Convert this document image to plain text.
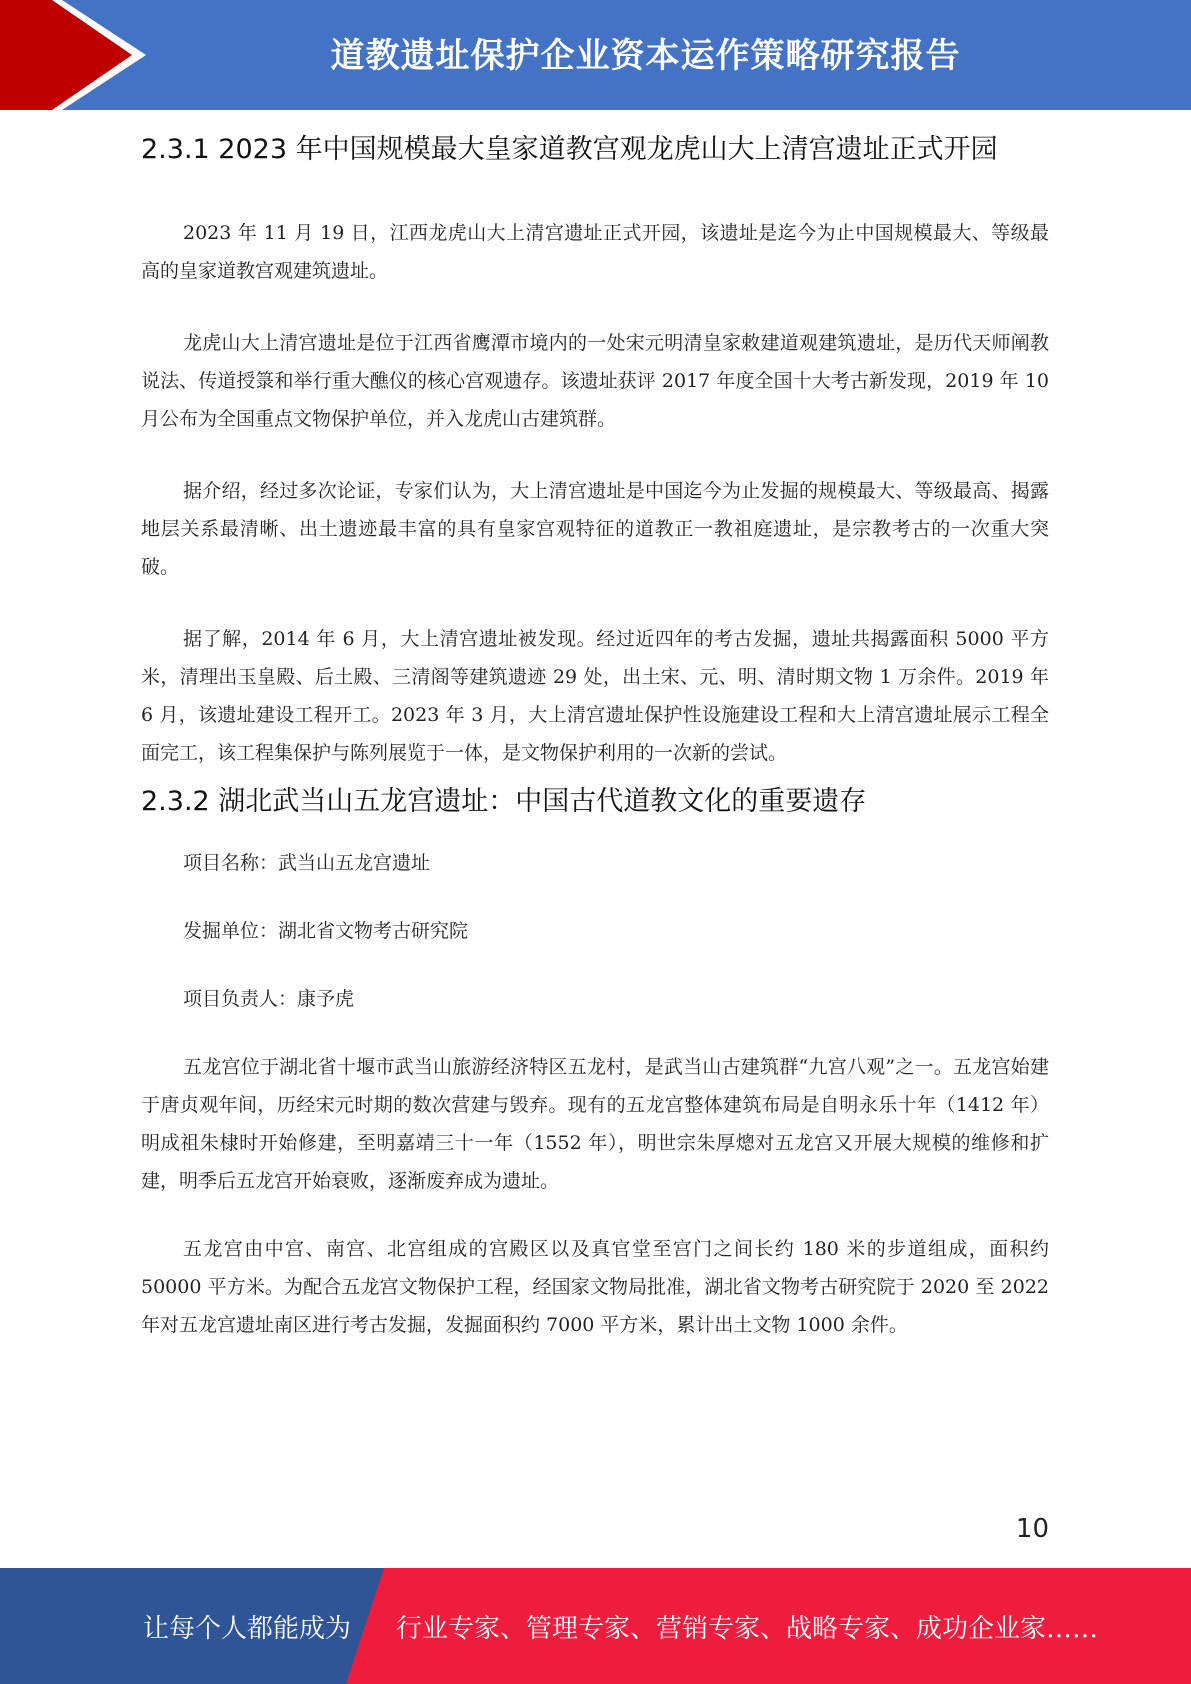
道教遗址保护企业资本运作策略研究报告
2.3.1 2023 年中国规模最大皇家道教宫观龙虎山大上清宫遗址正式开园

2023 年 11 月 19 日，江西龙虎山大上清宫遗址正式开园，该遗址是迄今为止中国规模最大、等级最高的皇家道教宫观建筑遗址。

龙虎山大上清宫遗址是位于江西省鹰潭市境内的一处宋元明清皇家敕建道观建筑遗址，是历代天师阐教说法、传道授箓和举行重大醮仪的核心宫观遗存。该遗址获评 2017 年度全国十大考古新发现，2019 年 10 月公布为全国重点文物保护单位，并入龙虎山古建筑群。

据介绍，经过多次论证，专家们认为，大上清宫遗址是中国迄今为止发掘的规模最大、等级最高、揭露地层关系最清晰、出土遗迹最丰富的具有皇家宫观特征的道教正一教祖庭遗址，是宗教考古的一次重大突破。

据了解，2014 年 6 月，大上清宫遗址被发现。经过近四年的考古发掘，遗址共揭露面积 5000 平方米，清理出玉皇殿、后土殿、三清阁等建筑遗迹 29 处，出土宋、元、明、清时期文物 1 万余件。2019 年 6 月，该遗址建设工程开工。2023 年 3 月，大上清宫遗址保护性设施建设工程和大上清宫遗址展示工程全面完工，该工程集保护与陈列展览于一体，是文物保护利用的一次新的尝试。

2.3.2 湖北武当山五龙宫遗址：中国古代道教文化的重要遗存

项目名称：武当山五龙宫遗址

发掘单位：湖北省文物考古研究院

项目负责人：康予虎

五龙宫位于湖北省十堰市武当山旅游经济特区五龙村，是武当山古建筑群“九宫八观”之一。五龙宫始建于唐贞观年间，历经宋元时期的数次营建与毁弃。现有的五龙宫整体建筑布局是自明永乐十年（1412 年）明成祖朱棣时开始修建，至明嘉靖三十一年（1552 年），明世宗朱厚熜对五龙宫又开展大规模的维修和扩建，明季后五龙宫开始衰败，逐渐废弃成为遗址。

五龙宫由中宫、南宫、北宫组成的宫殿区以及真官堂至宫门之间长约 180 米的步道组成，面积约 50000 平方米。为配合五龙宫文物保护工程，经国家文物局批准，湖北省文物考古研究院于 2020 至 2022 年对五龙宫遗址南区进行考古发掘，发掘面积约 7000 平方米，累计出土文物 1000 余件。

10
让每个人都能成为 行业专家、管理专家、营销专家、战略专家、成功企业家……
